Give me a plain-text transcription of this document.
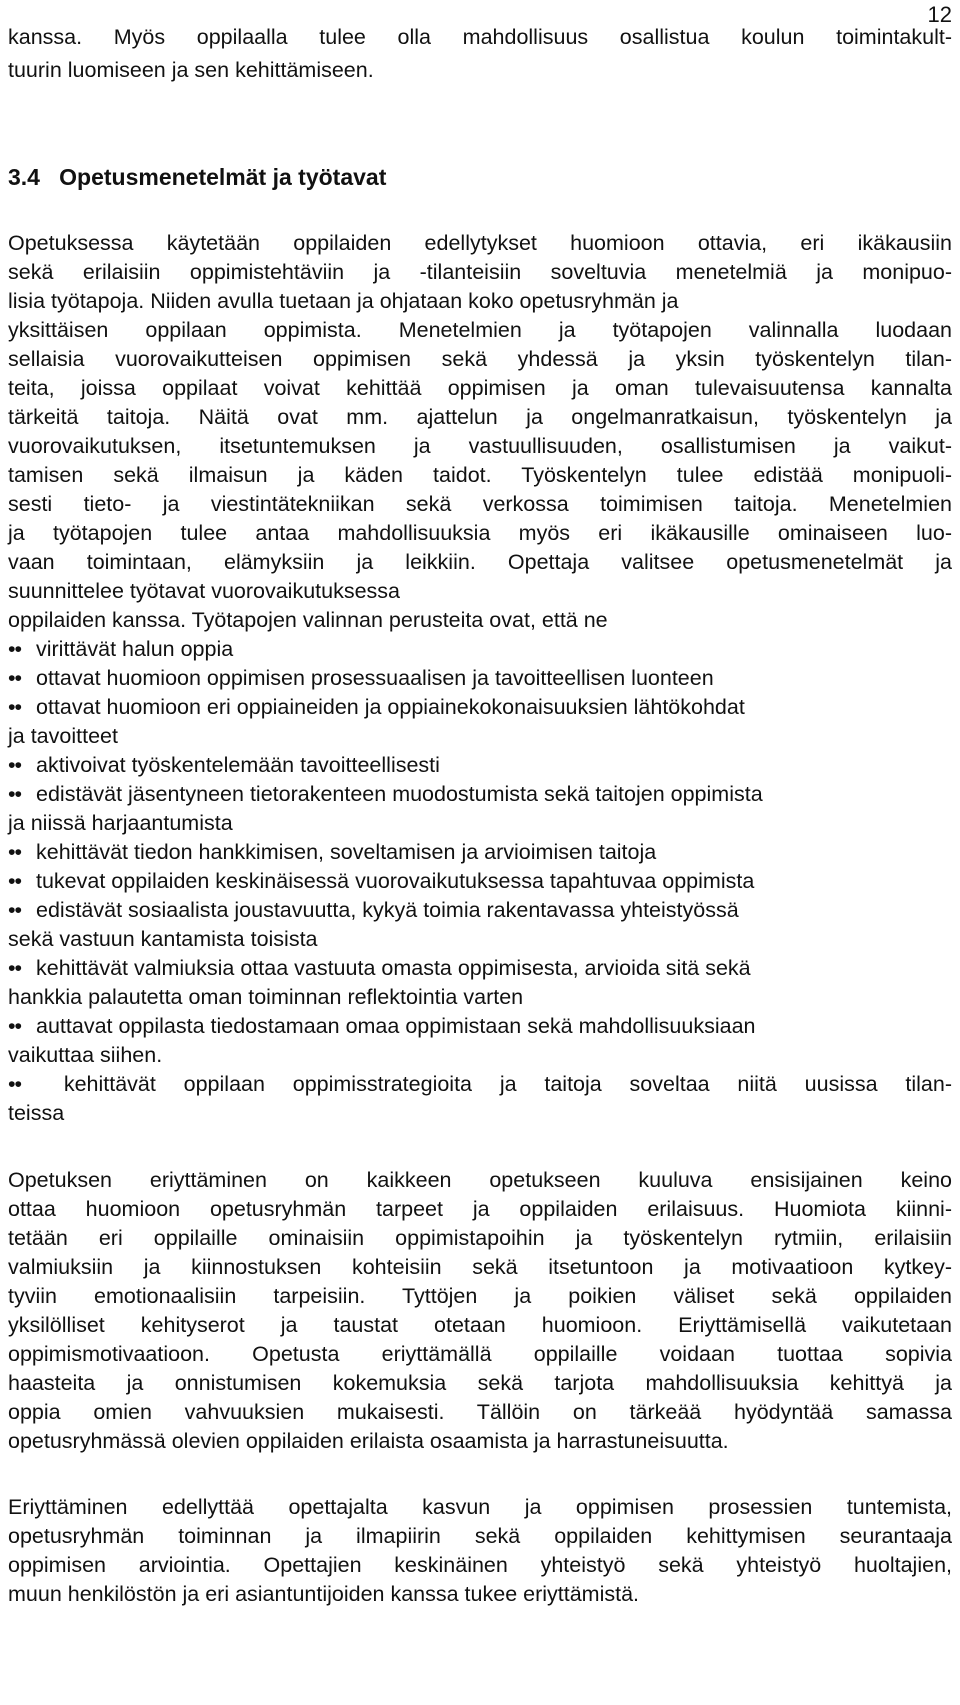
12
kanssa. Myös oppilaalla tulee olla mahdollisuus osallistua koulun toimintakult-
tuurin luomiseen ja sen kehittämiseen.
3.4   Opetusmenetelmät ja työtavat
Opetuksessa käytetään oppilaiden edellytykset huomioon ottavia, eri ikäkausiin
sekä erilaisiin oppimistehtäviin ja -tilanteisiin soveltuvia menetelmiä ja monipuo-
lisia työtapoja. Niiden avulla tuetaan ja ohjataan koko opetusryhmän ja
yksittäisen oppilaan oppimista. Menetelmien ja työtapojen valinnalla luodaan
sellaisia vuorovaikutteisen oppimisen sekä yhdessä ja yksin työskentelyn tilan-
teita, joissa oppilaat voivat kehittää oppimisen ja oman tulevaisuutensa kannalta
tärkeitä taitoja. Näitä ovat mm. ajattelun ja ongelmanratkaisun, työskentelyn ja
vuorovaikutuksen, itsetuntemuksen ja vastuullisuuden, osallistumisen ja vaikut-
tamisen sekä ilmaisun ja käden taidot. Työskentelyn tulee edistää monipuoli-
sesti tieto- ja viestintätekniikan sekä verkossa toimimisen taitoja. Menetelmien
ja työtapojen tulee antaa mahdollisuuksia myös eri ikäkausille ominaiseen luo-
vaan toimintaan, elämyksiin ja leikkiin. Opettaja valitsee opetusmenetelmät ja
suunnittelee työtavat vuorovaikutuksessa
oppilaiden kanssa. Työtapojen valinnan perusteita ovat, että ne
•• virittävät halun oppia
•• ottavat huomioon oppimisen prosessuaalisen ja tavoitteellisen luonteen
•• ottavat huomioon eri oppiaineiden ja oppiainekokonaisuuksien lähtökohdat
ja tavoitteet
•• aktivoivat työskentelemään tavoitteellisesti
•• edistävät jäsentyneen tietorakenteen muodostumista sekä taitojen oppimista
ja niissä harjaantumista
•• kehittävät tiedon hankkimisen, soveltamisen ja arvioimisen taitoja
•• tukevat oppilaiden keskinäisessä vuorovaikutuksessa tapahtuvaa oppimista
•• edistävät sosiaalista joustavuutta, kykyä toimia rakentavassa yhteistyössä
sekä vastuun kantamista toisista
•• kehittävät valmiuksia ottaa vastuuta omasta oppimisesta, arvioida sitä sekä
hankkia palautetta oman toiminnan reflektointia varten
•• auttavat oppilasta tiedostamaan omaa oppimistaan sekä mahdollisuuksiaan
vaikuttaa siihen.
•• kehittävät oppilaan oppimisstrategioita ja taitoja soveltaa niitä uusissa tilan-
teissa
Opetuksen eriyttäminen on kaikkeen opetukseen kuuluva ensisijainen keino
ottaa huomioon opetusryhmän tarpeet ja oppilaiden erilaisuus. Huomiota kiinni-
tetään eri oppilaille ominaisiin oppimistapoihin ja työskentelyn rytmiin, erilaisiin
valmiuksiin ja kiinnostuksen kohteisiin sekä itsetuntoon ja motivaatioon kytkey-
tyviin emotionaalisiin tarpeisiin. Tyttöjen ja poikien väliset sekä oppilaiden
yksilölliset kehityserot ja taustat otetaan huomioon. Eriyttämisellä vaikutetaan
oppimismotivaatioon. Opetusta eriyttämällä oppilaille voidaan tuottaa sopivia
haasteita ja onnistumisen kokemuksia sekä tarjota mahdollisuuksia kehittyä ja
oppia omien vahvuuksien mukaisesti. Tällöin on tärkeää hyödyntää samassa
opetusryhmässä olevien oppilaiden erilaista osaamista ja harrastuneisuutta.
Eriyttäminen edellyttää opettajalta kasvun ja oppimisen prosessien tuntemista,
opetusryhmän toiminnan ja ilmapiirin sekä oppilaiden kehittymisen seurantaaja
oppimisen arviointia. Opettajien keskinäinen yhteistyö sekä yhteistyö huoltajien,
muun henkilöstön ja eri asiantuntijoiden kanssa tukee eriyttämistä.
